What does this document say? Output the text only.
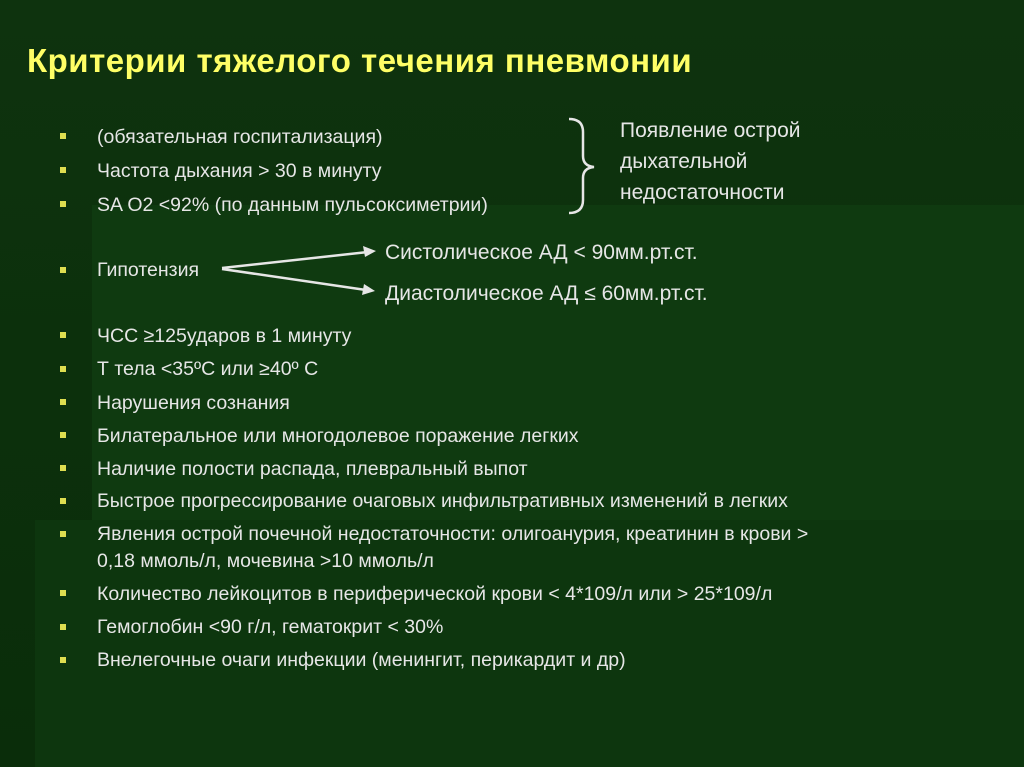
Критерии тяжелого течения пневмонии
(обязательная госпитализация)
Частота дыхания > 30 в минуту
SA O2 <92% (по данным пульсоксиметрии)
Появление острой
дыхательной
недостаточности
Гипотензия
Систолическое АД < 90мм.рт.ст.
Диастолическое АД ≤ 60мм.рт.ст.
ЧСС ≥125ударов в 1 минуту
Т тела <35ºС или ≥40º С
Нарушения сознания
Билатеральное или многодолевое поражение легких
Наличие полости распада, плевральный выпот
Быстрое прогрессирование очаговых инфильтративных изменений в легких
Явления острой почечной недостаточности: олигоанурия, креатинин в крови >
0,18 ммоль/л, мочевина >10 ммоль/л
Количество лейкоцитов в периферической крови < 4*109/л или > 25*109/л
Гемоглобин <90 г/л, гематокрит < 30%
Внелегочные очаги инфекции (менингит, перикардит и др)
